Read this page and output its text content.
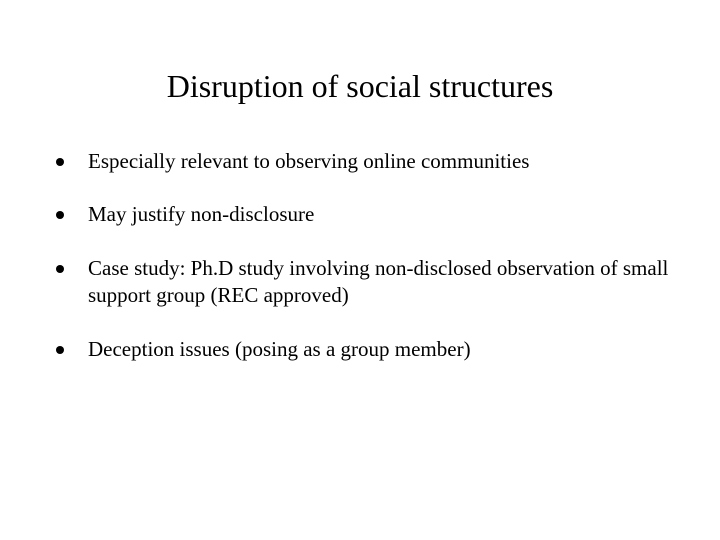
Disruption of social structures
Especially relevant to observing online communities
May justify non-disclosure
Case study: Ph.D study involving non-disclosed observation of small support group (REC approved)
Deception issues (posing as a group member)
